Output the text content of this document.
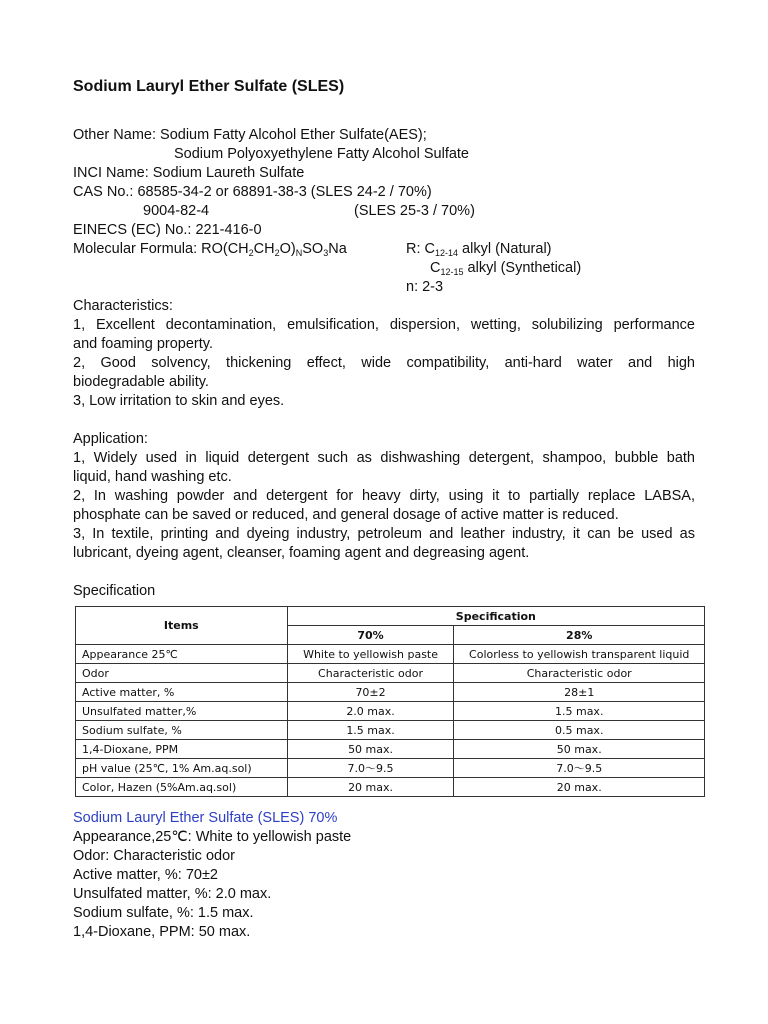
Sodium Lauryl Ether Sulfate (SLES)
Other Name: Sodium Fatty Alcohol Ether Sulfate(AES);
Sodium Polyoxyethylene Fatty Alcohol Sulfate
INCI Name: Sodium Laureth Sulfate
CAS No.: 68585-34-2 or 68891-38-3 (SLES 24-2 / 70%)
9004-82-4	(SLES 25-3 / 70%)
EINECS (EC) No.: 221-416-0
Molecular Formula: $RO(CH_2CH_2O)_NSO_3Na$	R: $C_{12-14}$ alkyl (Natural)
$C_{12-15}$ alkyl (Synthetical)
n: 2-3
Characteristics:
1, Excellent decontamination, emulsification, dispersion, wetting, solubilizing performance
and foaming property.
2, Good solvency, thickening effect, wide compatibility, anti-hard water and high
biodegradable ability.
3, Low irritation to skin and eyes.
Application:
1, Widely used in liquid detergent such as dishwashing detergent, shampoo, bubble bath
liquid, hand washing etc.
2, In washing powder and detergent for heavy dirty, using it to partially replace LABSA,
phosphate can be saved or reduced, and general dosage of active matter is reduced.
3, In textile, printing and dyeing industry, petroleum and leather industry, it can be used as
lubricant, dyeing agent, cleanser, foaming agent and degreasing agent.
Specification
Items	Specification	
	70%	28%
Appearance 25℃	White to yellowish paste	Colorless to yellowish transparent liquid
Odor	Characteristic odor	Characteristic odor
Active matter, %	70±2	28±1
Unsulfated matter,%	2.0 max.	1.5 max.
Sodium sulfate, %	1.5 max.	0.5 max.
1,4-Dioxane, PPM	50 max.	50 max.
pH value (25℃, 1% Am.aq.sol)	7.0～9.5	7.0～9.5
Color, Hazen (5%Am.aq.sol)	20 max.	20 max.
Sodium Lauryl Ether Sulfate (SLES) 70%
Appearance,25℃: White to yellowish paste
Odor: Characteristic odor
Active matter, %: 70±2
Unsulfated matter, %: 2.0 max.
Sodium sulfate, %: 1.5 max.
1,4-Dioxane, PPM: 50 max.
